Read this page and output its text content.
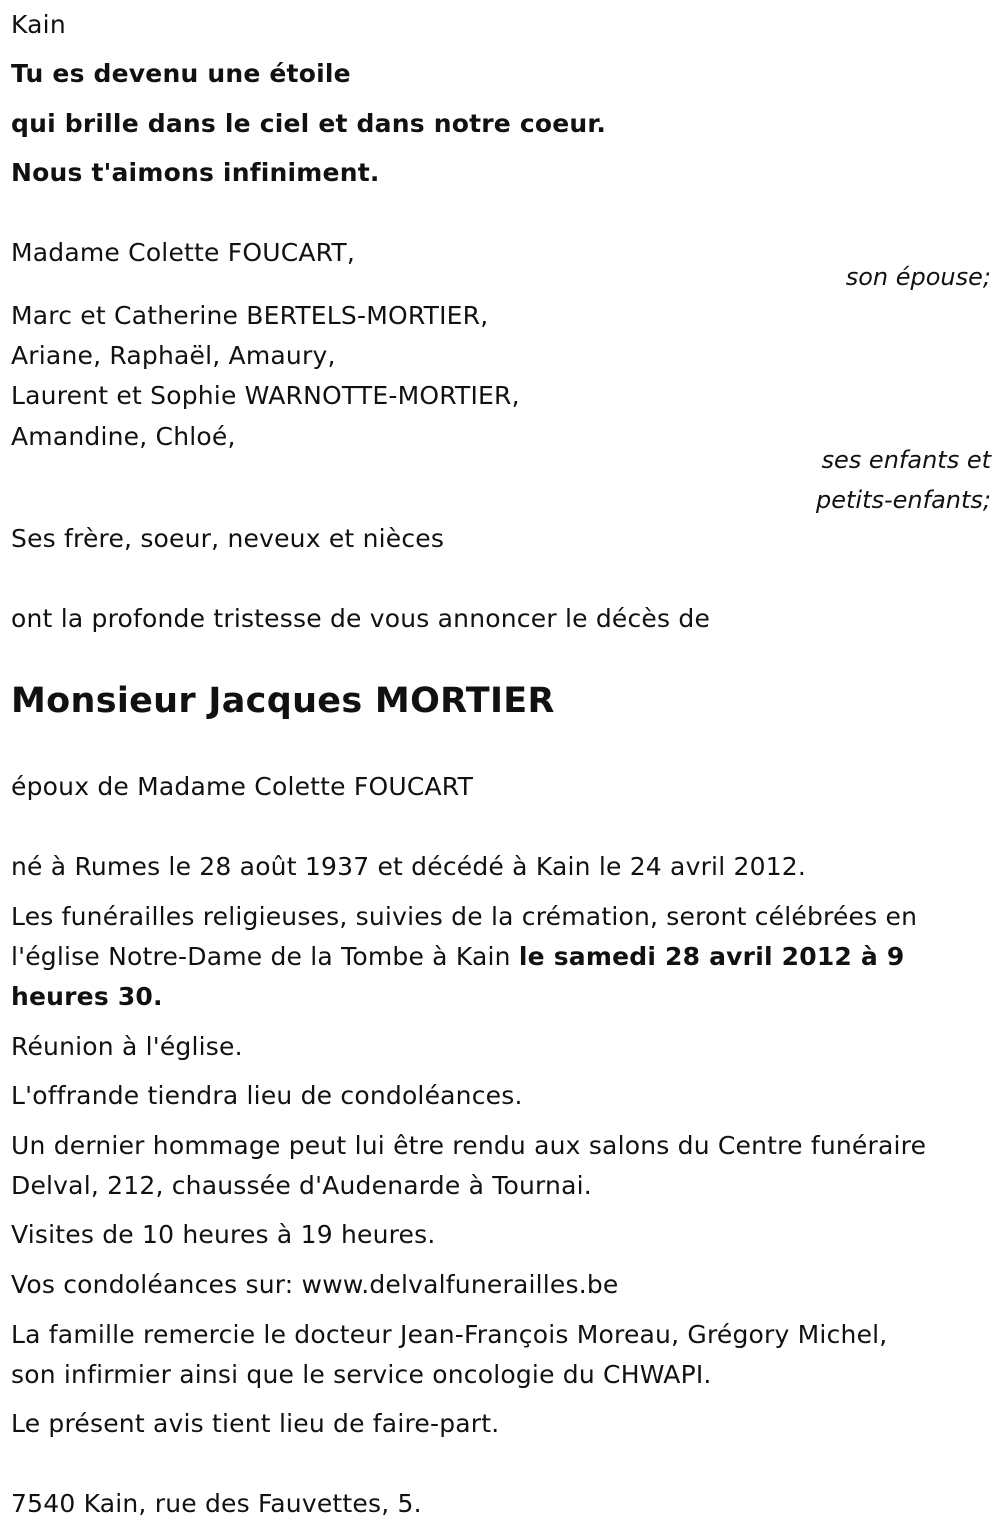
Kain
Tu es devenu une étoile
qui brille dans le ciel et dans notre coeur.
Nous t'aimons infiniment.
Madame Colette FOUCART,
son épouse;
Marc et Catherine BERTELS-MORTIER,
Ariane, Raphaël, Amaury,
Laurent et Sophie WARNOTTE-MORTIER,
Amandine, Chloé,
ses enfants et
petits-enfants;
Ses frère, soeur, neveux et nièces
ont la profonde tristesse de vous annoncer le décès de
Monsieur Jacques MORTIER
époux de Madame Colette FOUCART
né à Rumes le 28 août 1937 et décédé à Kain le 24 avril 2012.
Les funérailles religieuses, suivies de la crémation, seront célébrées en
l'église Notre-Dame de la Tombe à Kain le samedi 28 avril 2012 à 9
heures 30.
Réunion à l'église.
L'offrande tiendra lieu de condoléances.
Un dernier hommage peut lui être rendu aux salons du Centre funéraire
Delval, 212, chaussée d'Audenarde à Tournai.
Visites de 10 heures à 19 heures.
Vos condoléances sur: www.delvalfunerailles.be
La famille remercie le docteur Jean-François Moreau, Grégory Michel,
son infirmier ainsi que le service oncologie du CHWAPI.
Le présent avis tient lieu de faire-part.
7540 Kain, rue des Fauvettes, 5.
